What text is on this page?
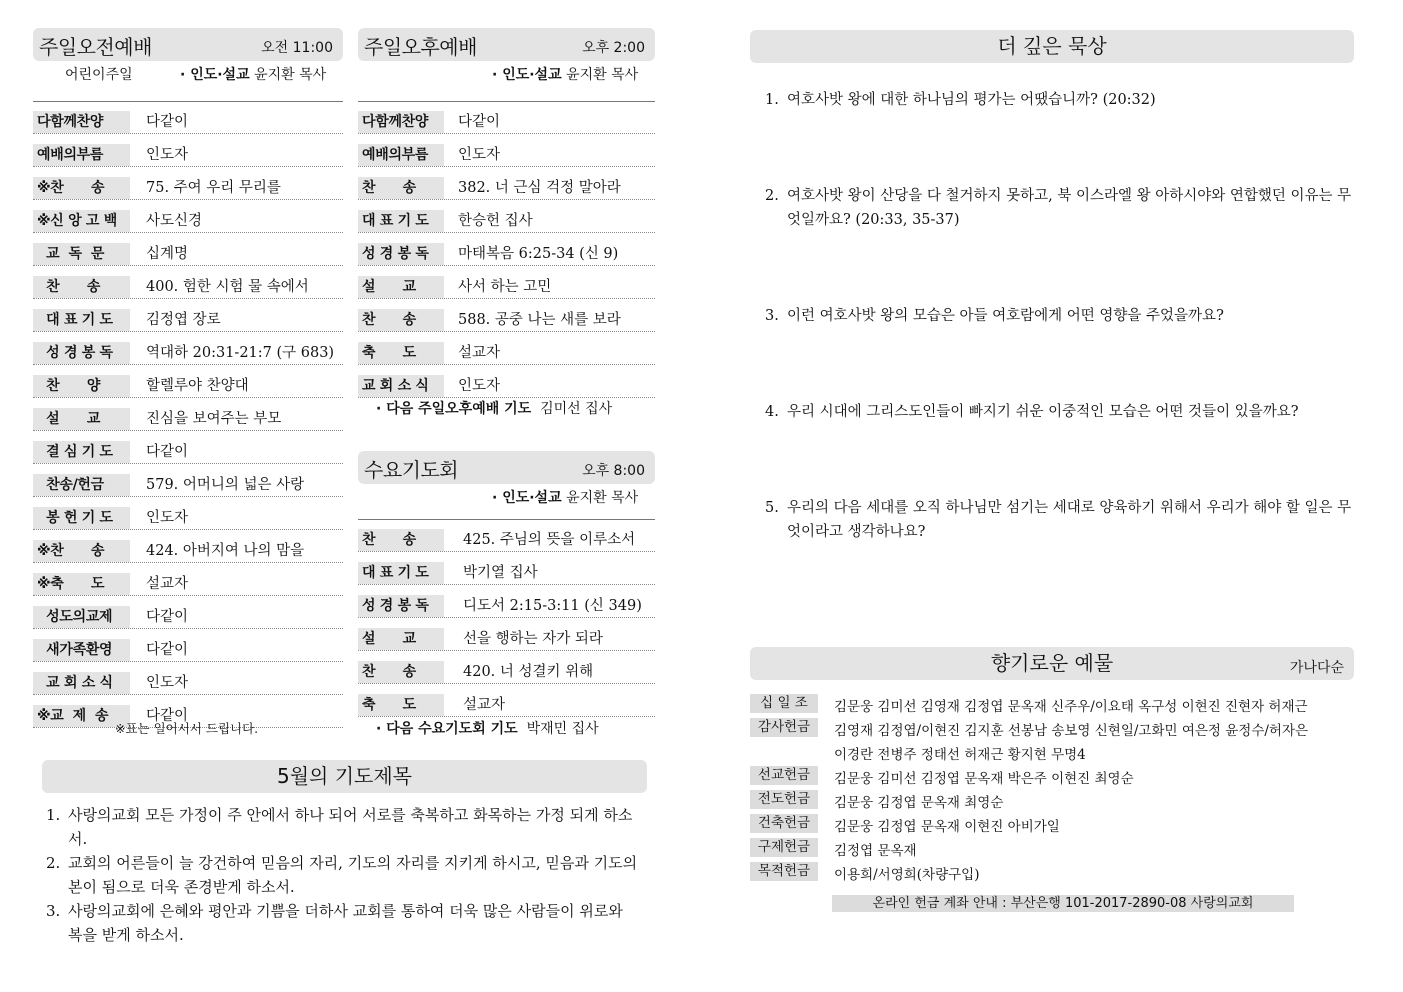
주일오전예배	오전 11:00
어린이주일	· 인도·설교 윤지환 목사
다함께찬양	다같이
예배의부름	인도자
※찬      송	75. 주여 우리 무리를
※신 앙 고 백	사도신경
교  독  문	십계명
찬      송	400. 험한 시험 물 속에서
대 표 기 도	김정엽 장로
성 경 봉 독	역대하 20:31-21:7 (구 683)
찬      양	할렐루야 찬양대
설      교	진심을 보여주는 부모
결 심 기 도	다같이
찬송/헌금	579. 어머니의 넓은 사랑
봉 헌 기 도	인도자
※찬      송	424. 아버지여 나의 맘을
※축      도	설교자
성도의교제	다같이
새가족환영	다같이
교 회 소 식	인도자
※교  제  송	다같이
※표는 일어서서 드립니다.
주일오후예배	오후 2:00
· 인도·설교 윤지환 목사
다함께찬양	다같이
예배의부름	인도자
찬      송	382. 너 근심 걱정 말아라
대 표 기 도	한승헌 집사
성 경 봉 독	마태복음 6:25-34 (신 9)
설      교	사서 하는 고민
찬      송	588. 공중 나는 새를 보라
축      도	설교자
교 회 소 식	인도자
· 다음 주일오후예배 기도 김미선 집사
수요기도회	오후 8:00
· 인도·설교 윤지환 목사
찬      송	425. 주님의 뜻을 이루소서
대 표 기 도	박기열 집사
성 경 봉 독	디도서 2:15-3:11 (신 349)
설      교	선을 행하는 자가 되라
찬      송	420. 너 성결키 위해
축      도	설교자
· 다음 수요기도회 기도 박재민 집사
5월의 기도제목
1. 사랑의교회 모든 가정이 주 안에서 하나 되어 서로를 축복하고 화목하는 가정 되게 하소서.
2. 교회의 어른들이 늘 강건하여 믿음의 자리, 기도의 자리를 지키게 하시고, 믿음과 기도의 본이 됨으로 더욱 존경받게 하소서.
3. 사랑의교회에 은혜와 평안과 기쁨을 더하사 교회를 통하여 더욱 많은 사람들이 위로와 복을 받게 하소서.
더 깊은 묵상
1. 여호사밧 왕에 대한 하나님의 평가는 어땠습니까? (20:32)
2. 여호사밧 왕이 산당을 다 철거하지 못하고, 북 이스라엘 왕 아하시야와 연합했던 이유는 무엇일까요? (20:33, 35-37)
3. 이런 여호사밧 왕의 모습은 아들 여호람에게 어떤 영향을 주었을까요?
4. 우리 시대에 그리스도인들이 빠지기 쉬운 이중적인 모습은 어떤 것들이 있을까요?
5. 우리의 다음 세대를 오직 하나님만 섬기는 세대로 양육하기 위해서 우리가 해야 할 일은 무엇이라고 생각하나요?
향기로운 예물	가나다순
십 일 조	김문웅 김미선 김영재 김정엽 문옥재 신주우/이요태 옥구성 이현진 진현자 허재근
감사헌금	김영재 김정엽/이현진 김지훈 선봉남 송보영 신현일/고화민 여은정 윤정수/허자은
이경란 전병주 정태선 허재근 황지현 무명4
선교헌금	김문웅 김미선 김정엽 문옥재 박은주 이현진 최영순
전도헌금	김문웅 김정엽 문옥재 최영순
건축헌금	김문웅 김정엽 문옥재 이현진 아비가일
구제헌금	김정엽 문옥재
목적헌금	이용희/서영희(차량구입)
온라인 헌금 계좌 안내 : 부산은행 101-2017-2890-08 사랑의교회
